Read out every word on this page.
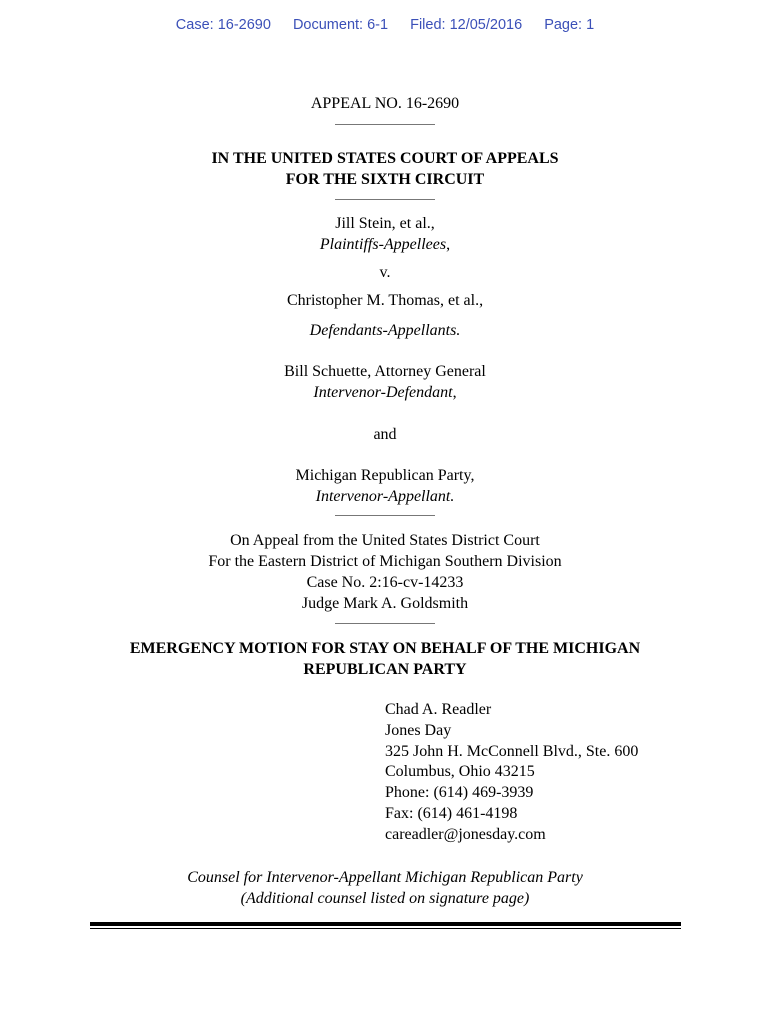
Case: 16-2690 Document: 6-1 Filed: 12/05/2016 Page: 1
APPEAL NO. 16-2690
IN THE UNITED STATES COURT OF APPEALS
FOR THE SIXTH CIRCUIT
Jill Stein, et al.,
Plaintiffs-Appellees,
v.
Christopher M. Thomas, et al.,
Defendants-Appellants.
Bill Schuette, Attorney General
Intervenor-Defendant,
and
Michigan Republican Party,
Intervenor-Appellant.
On Appeal from the United States District Court
For the Eastern District of Michigan Southern Division
Case No. 2:16-cv-14233
Judge Mark A. Goldsmith
EMERGENCY MOTION FOR STAY ON BEHALF OF THE MICHIGAN
REPUBLICAN PARTY
Chad A. Readler
Jones Day
325 John H. McConnell Blvd., Ste. 600
Columbus, Ohio 43215
Phone: (614) 469-3939
Fax: (614) 461-4198
careadler@jonesday.com
Counsel for Intervenor-Appellant Michigan Republican Party
(Additional counsel listed on signature page)
